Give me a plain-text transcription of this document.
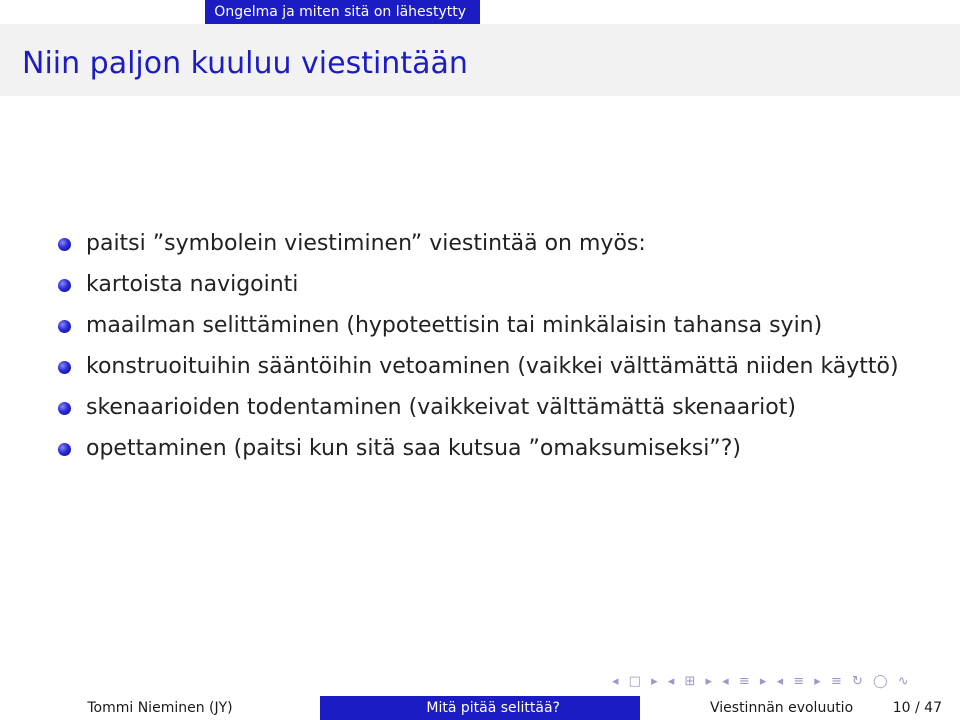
Ongelma ja miten sitä on lähestytty
Niin paljon kuuluu viestintään
paitsi ”symbolein viestiminen” viestintää on myös:
kartoista navigointi
maailman selittäminen (hypoteettisin tai minkälaisin tahansa syin)
konstruoituihin sääntöihin vetoaminen (vaikkei välttämättä niiden käyttö)
skenaarioiden todentaminen (vaikkeivat välttämättä skenaariot)
opettaminen (paitsi kun sitä saa kutsua ”omaksumiseksi”?)
◂ □ ▸ ◂ ⊞ ▸ ◂ ≡ ▸ ◂ ≡ ▸ ≡ ↻ ◯ ∿
Tommi Nieminen (JY)	Mitä pitää selittää?	Viestinnän evoluutio	10 / 47
